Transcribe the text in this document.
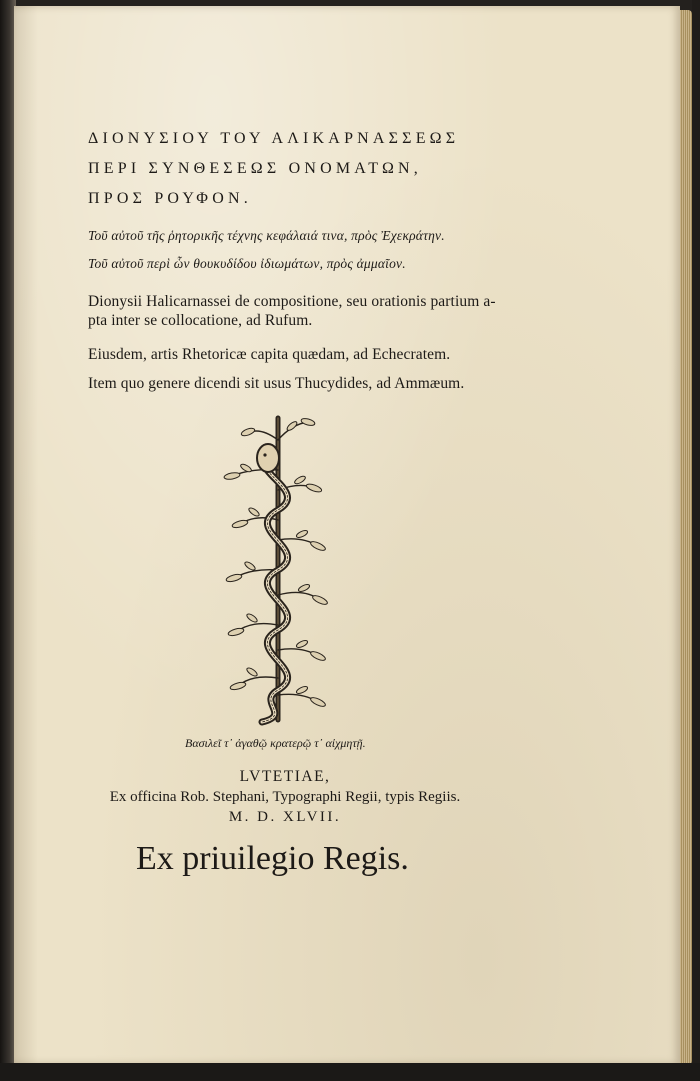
ΔΙΟΝΥΣΙΟΥ ΤΟΥ ΑΛΙΚΑΡΝΑΣΣΕΩΣ
ΠΕΡΙ ΣΥΝΘΕΣΕΩΣ ΟΝΟΜΑΤΩΝ,
ΠΡΟΣ ΡΟΥΦΟΝ.
Τοῦ αὐτοῦ τῆς ῥητορικῆς τέχνης κεφάλαιά τινα, πρὸς Ἐχεκράτην.
Τοῦ αὐτοῦ περὶ ὧν θουκυδίδου ἰδιωμάτων, πρὸς ἀμμαῖον.
Dionysii Halicarnassei de compositione, seu orationis partium a-
pta inter se collocatione, ad Rufum.
Eiusdem, artis Rhetoricæ capita quædam, ad Echecratem.
Item quo genere dicendi sit usus Thucydides, ad Ammæum.
Βασιλεῖ τ᾽ ἀγαθῷ κρατερῷ τ᾽ αἰχμητῇ.
LVTETIAE,
Ex officina Rob. Stephani, Typographi Regii, typis Regiis.
M. D. XLVII.
Ex priuilegio Regis.
